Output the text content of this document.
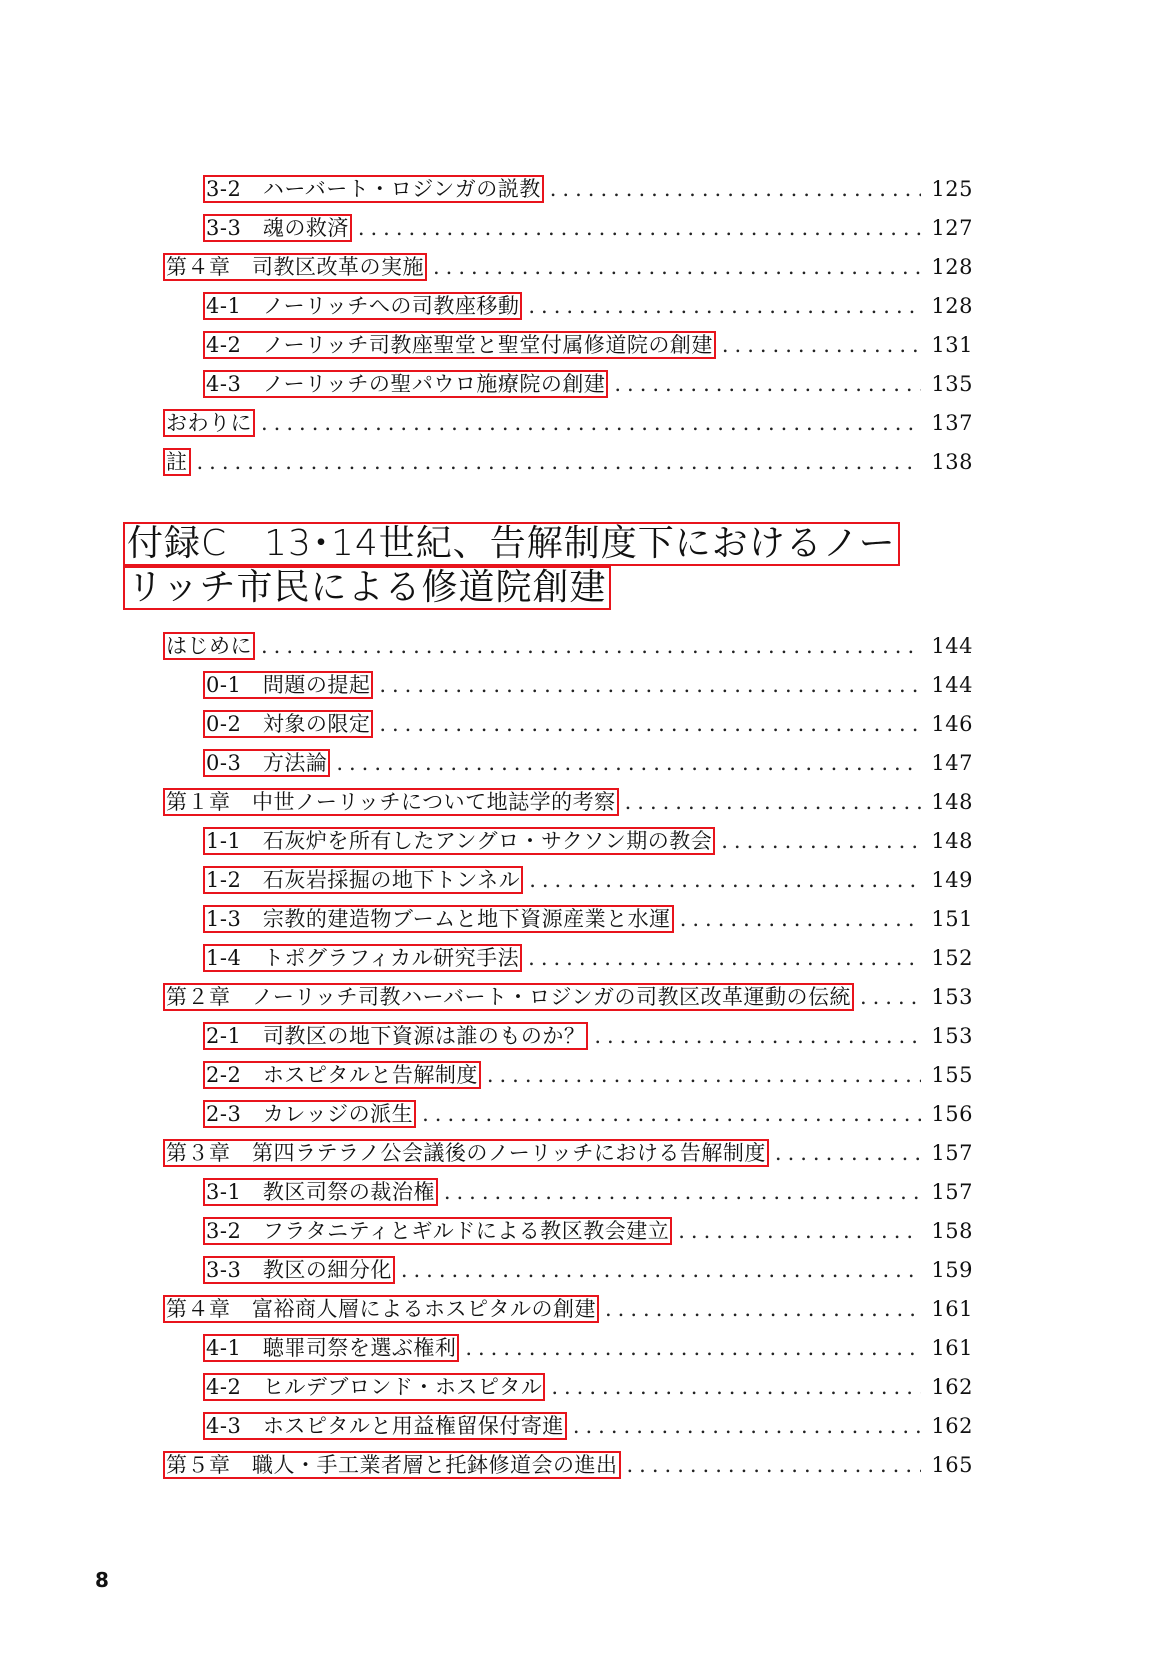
3-2　ハーバート・ロジンガの説教 .....	125
3-3　魂の救済 .....	127
第４章　司教区改革の実施 .....	128
4-1　ノーリッチへの司教座移動 .....	128
4-2　ノーリッチ司教座聖堂と聖堂付属修道院の創建 .....	131
4-3　ノーリッチの聖パウロ施療院の創建 .....	135
おわりに .....	137
註 .....	138
付録C　13･14世紀、告解制度下におけるノー
リッチ市民による修道院創建
はじめに .....	144
0-1　問題の提起 .....	144
0-2　対象の限定 .....	146
0-3　方法論 .....	147
第１章　中世ノーリッチについて地誌学的考察 .....	148
1-1　石灰炉を所有したアングロ・サクソン期の教会 .....	148
1-2　石灰岩採掘の地下トンネル .....	149
1-3　宗教的建造物ブームと地下資源産業と水運 .....	151
1-4　トポグラフィカル研究手法 .....	152
第２章　ノーリッチ司教ハーバート・ロジンガの司教区改革運動の伝統 .....	153
2-1　司教区の地下資源は誰のものか？ .....	153
2-2　ホスピタルと告解制度 .....	155
2-3　カレッジの派生 .....	156
第３章　第四ラテラノ公会議後のノーリッチにおける告解制度 .....	157
3-1　教区司祭の裁治権 .....	157
3-2　フラタニティとギルドによる教区教会建立 .....	158
3-3　教区の細分化 .....	159
第４章　富裕商人層によるホスピタルの創建 .....	161
4-1　聴罪司祭を選ぶ権利 .....	161
4-2　ヒルデブロンド・ホスピタル .....	162
4-3　ホスピタルと用益権留保付寄進 .....	162
第５章　職人・手工業者層と托鉢修道会の進出 .....	165
8
